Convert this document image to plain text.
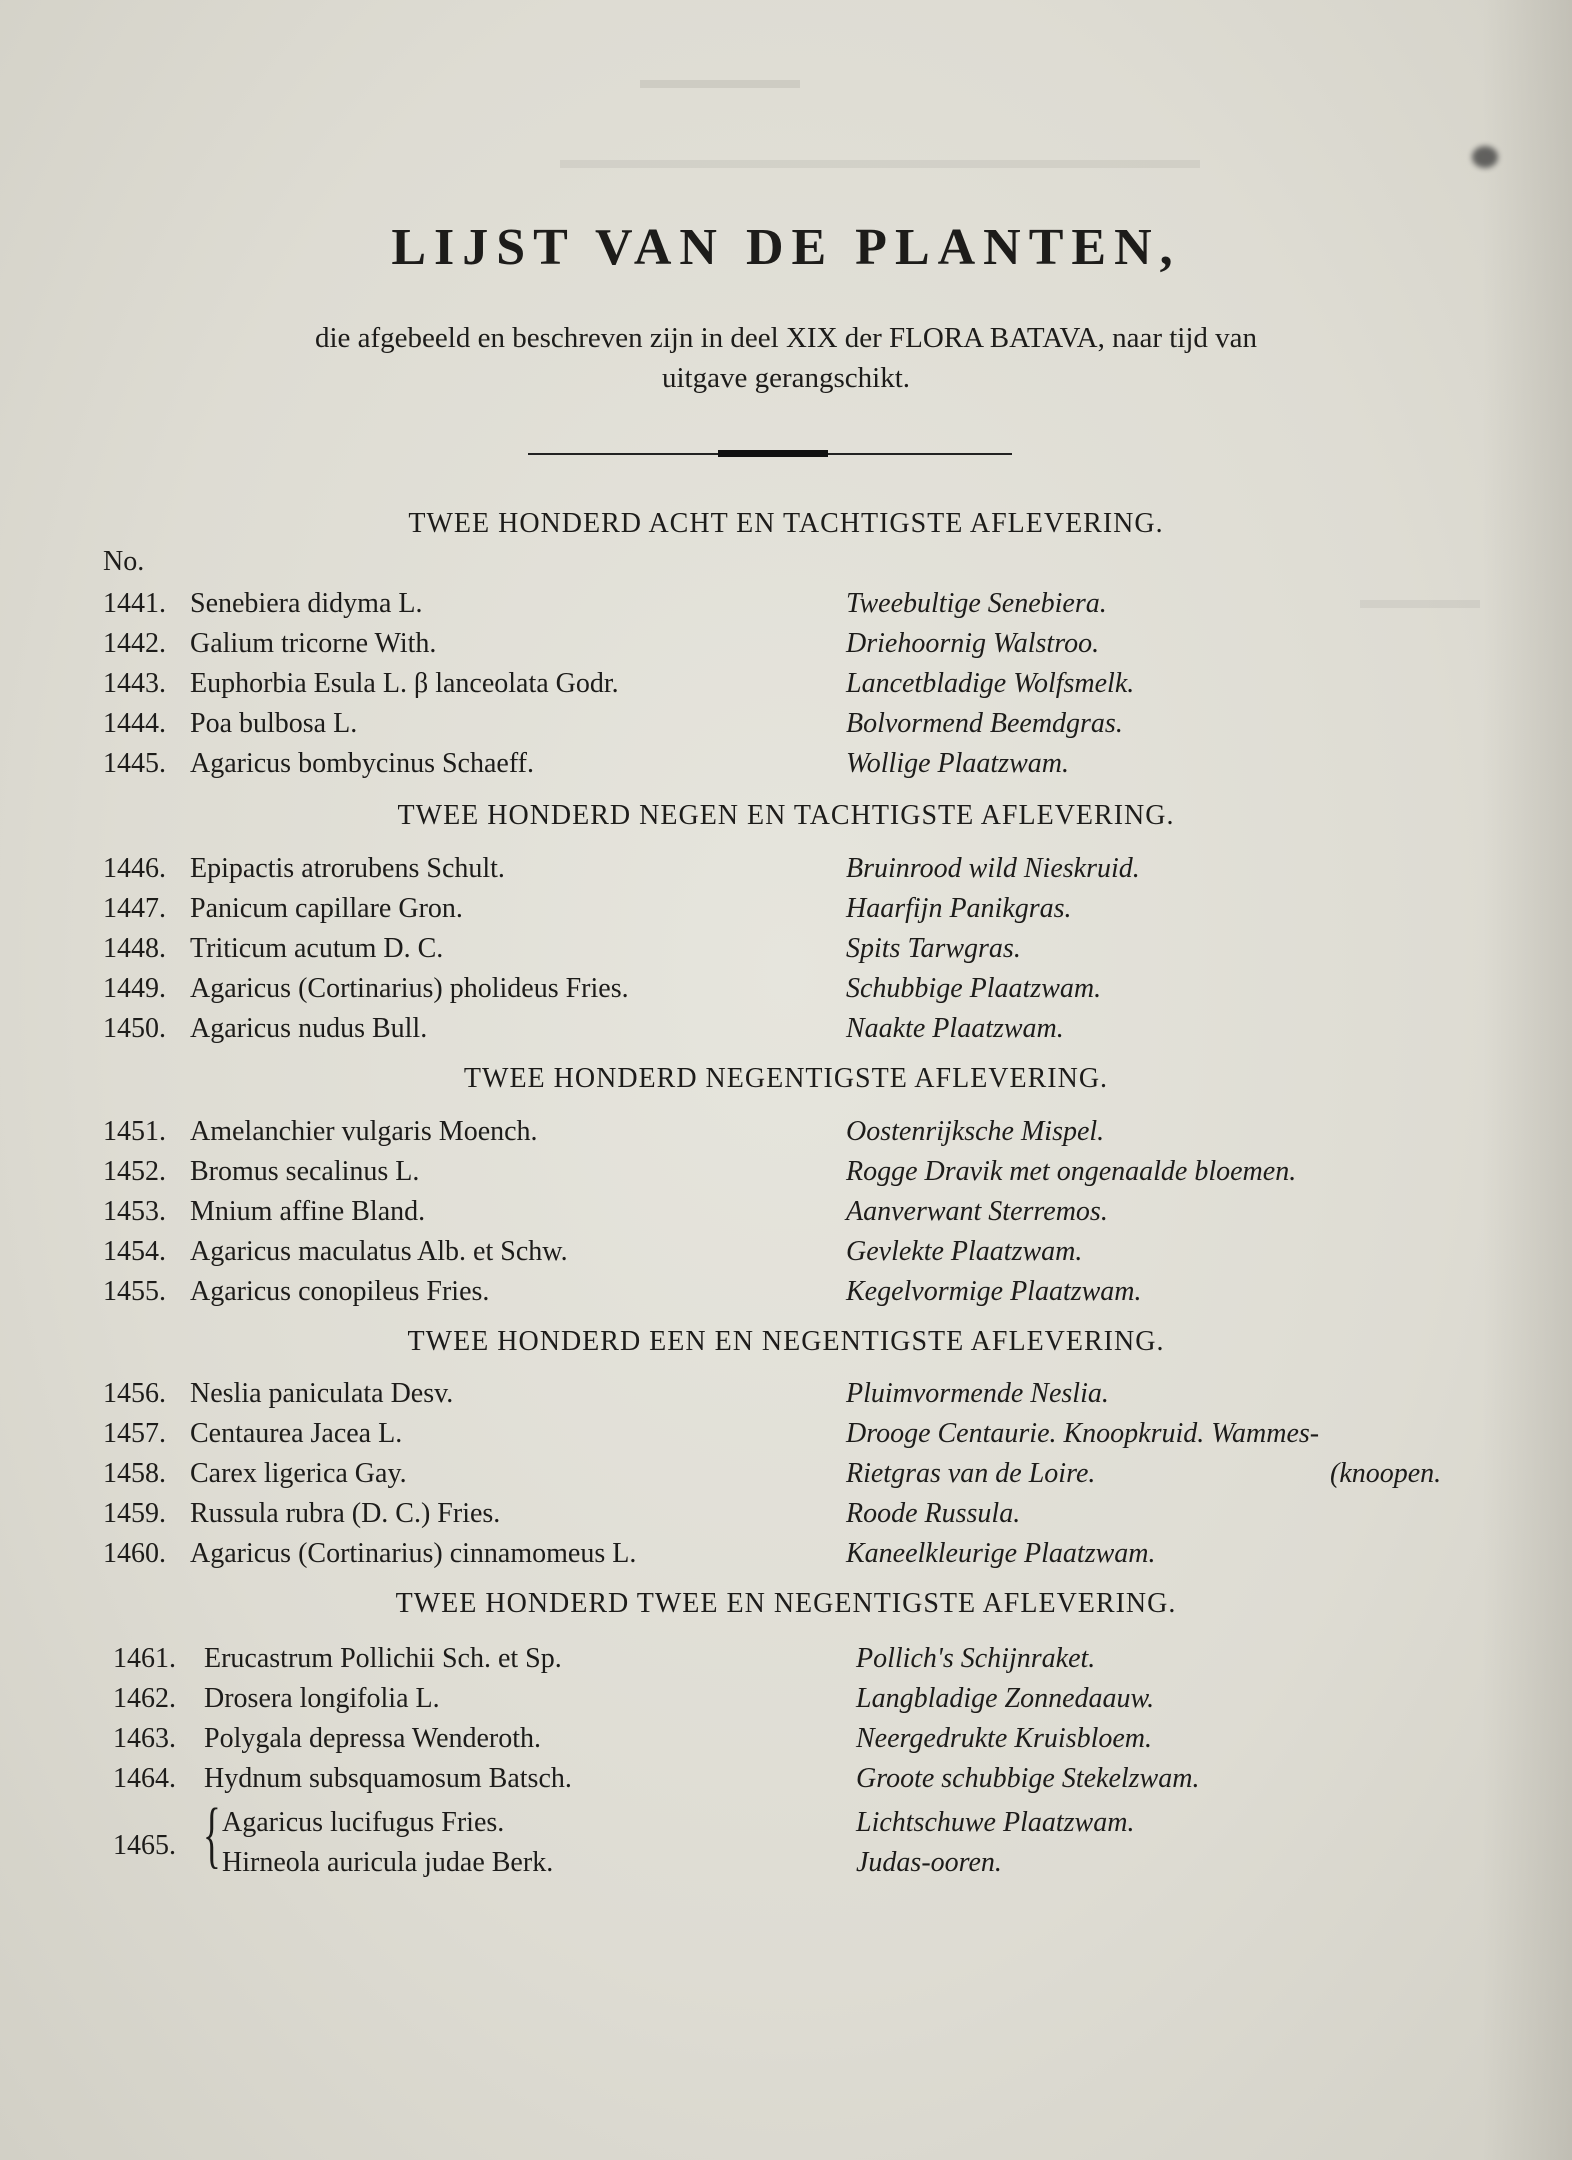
LIJST VAN DE PLANTEN,
die afgebeeld en beschreven zijn in deel XIX der FLORA BATAVA, naar tijd van
uitgave gerangschikt.
TWEE HONDERD ACHT EN TACHTIGSTE AFLEVERING.
No.
1441. Senebiera didyma L.	Tweebultige Senebiera.
1442. Galium tricorne With.	Driehoornig Walstroo.
1443. Euphorbia Esula L. β lanceolata Godr.	Lancetbladige Wolfsmelk.
1444. Poa bulbosa L.	Bolvormend Beemdgras.
1445. Agaricus bombycinus Schaeff.	Wollige Plaatzwam.
TWEE HONDERD NEGEN EN TACHTIGSTE AFLEVERING.
1446. Epipactis atrorubens Schult.	Bruinrood wild Nieskruid.
1447. Panicum capillare Gron.	Haarfijn Panikgras.
1448. Triticum acutum D. C.	Spits Tarwgras.
1449. Agaricus (Cortinarius) pholideus Fries.	Schubbige Plaatzwam.
1450. Agaricus nudus Bull.	Naakte Plaatzwam.
TWEE HONDERD NEGENTIGSTE AFLEVERING.
1451. Amelanchier vulgaris Moench.	Oostenrijksche Mispel.
1452. Bromus secalinus L.	Rogge Dravik met ongenaalde bloemen.
1453. Mnium affine Bland.	Aanverwant Sterremos.
1454. Agaricus maculatus Alb. et Schw.	Gevlekte Plaatzwam.
1455. Agaricus conopileus Fries.	Kegelvormige Plaatzwam.
TWEE HONDERD EEN EN NEGENTIGSTE AFLEVERING.
1456. Neslia paniculata Desv.	Pluimvormende Neslia.
1457. Centaurea Jacea L.	Drooge Centaurie. Knoopkruid. Wammes-
1458. Carex ligerica Gay.	Rietgras van de Loire.	(knoopen.
1459. Russula rubra (D. C.) Fries.	Roode Russula.
1460. Agaricus (Cortinarius) cinnamomeus L.	Kaneelkleurige Plaatzwam.
TWEE HONDERD TWEE EN NEGENTIGSTE AFLEVERING.
1461. Erucastrum Pollichii Sch. et Sp.	Pollich's Schijnraket.
1462. Drosera longifolia L.	Langbladige Zonnedaauw.
1463. Polygala depressa Wenderoth.	Neergedrukte Kruisbloem.
1464. Hydnum subsquamosum Batsch.	Groote schubbige Stekelzwam.
1465. { Agaricus lucifugus Fries.	Lichtschuwe Plaatzwam.
Hirneola auricula judae Berk.	Judas-ooren.
